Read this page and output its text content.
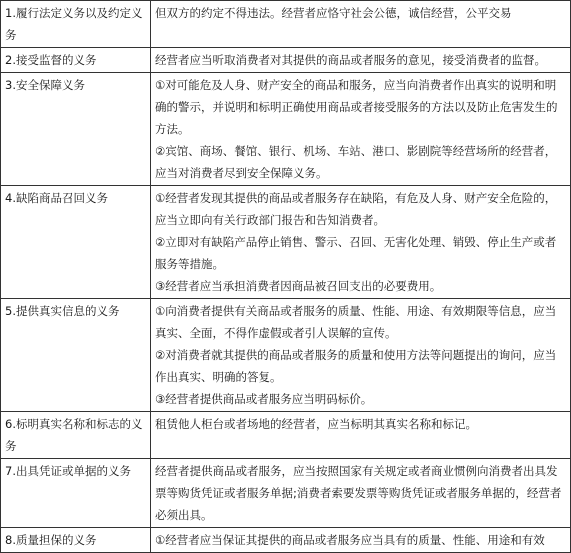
1.履行法定义务以及约定义务	但双方的约定不得违法。经营者应恪守社会公德，诚信经营，公平交易

2.接受监督的义务	经营者应当听取消费者对其提供的商品或者服务的意见，接受消费者的监督。

3.安全保障义务	①对可能危及人身、财产安全的商品和服务，应当向消费者作出真实的说明和明确的警示，并说明和标明正确使用商品或者接受服务的方法以及防止危害发生的方法。
②宾馆、商场、餐馆、银行、机场、车站、港口、影剧院等经营场所的经营者，应当对消费者尽到安全保障义务。

4.缺陷商品召回义务	①经营者发现其提供的商品或者服务存在缺陷，有危及人身、财产安全危险的，应当立即向有关行政部门报告和告知消费者。
②立即对有缺陷产品停止销售、警示、召回、无害化处理、销毁、停止生产或者服务等措施。
③经营者应当承担消费者因商品被召回支出的必要费用。

5.提供真实信息的义务	①向消费者提供有关商品或者服务的质量、性能、用途、有效期限等信息，应当真实、全面，不得作虚假或者引人误解的宣传。
②对消费者就其提供的商品或者服务的质量和使用方法等问题提出的询问，应当作出真实、明确的答复。
③经营者提供商品或者服务应当明码标价。

6.标明真实名称和标志的义务	租赁他人柜台或者场地的经营者，应当标明其真实名称和标记。

7.出具凭证或单据的义务	经营者提供商品或者服务，应当按照国家有关规定或者商业惯例向消费者出具发票等购货凭证或者服务单据;消费者索要发票等购货凭证或者服务单据的，经营者必须出具。

8.质量担保的义务	①经营者应当保证其提供的商品或者服务应当具有的质量、性能、用途和有效
